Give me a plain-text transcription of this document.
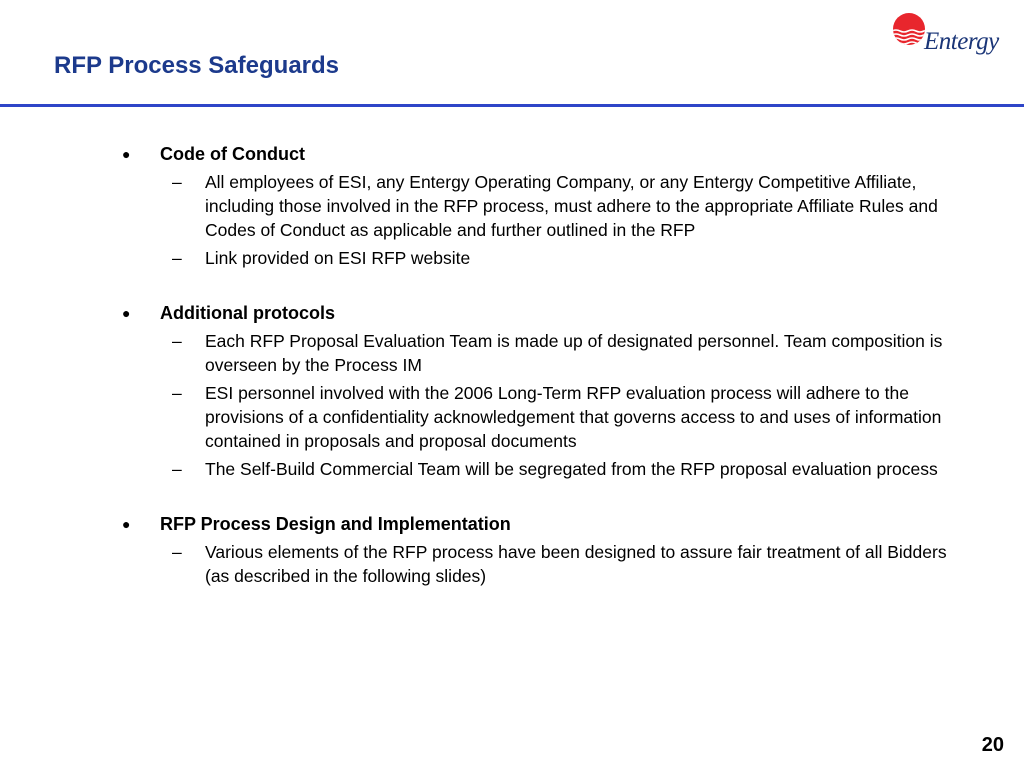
RFP Process Safeguards
Entergy
● Code of Conduct
– All employees of ESI, any Entergy Operating Company, or any Entergy Competitive Affiliate, including those involved in the RFP process, must adhere to the appropriate Affiliate Rules and Codes of Conduct as applicable and further outlined in the RFP
– Link provided on ESI RFP website
● Additional protocols
– Each RFP Proposal Evaluation Team is made up of designated personnel. Team composition is overseen by the Process IM
– ESI personnel involved with the 2006 Long-Term RFP evaluation process will adhere to the provisions of a confidentiality acknowledgement that governs access to and uses of information contained in proposals and proposal documents
– The Self-Build Commercial Team will be segregated from the RFP proposal evaluation process
● RFP Process Design and Implementation
– Various elements of the RFP process have been designed to assure fair treatment of all Bidders (as described in the following slides)
20
